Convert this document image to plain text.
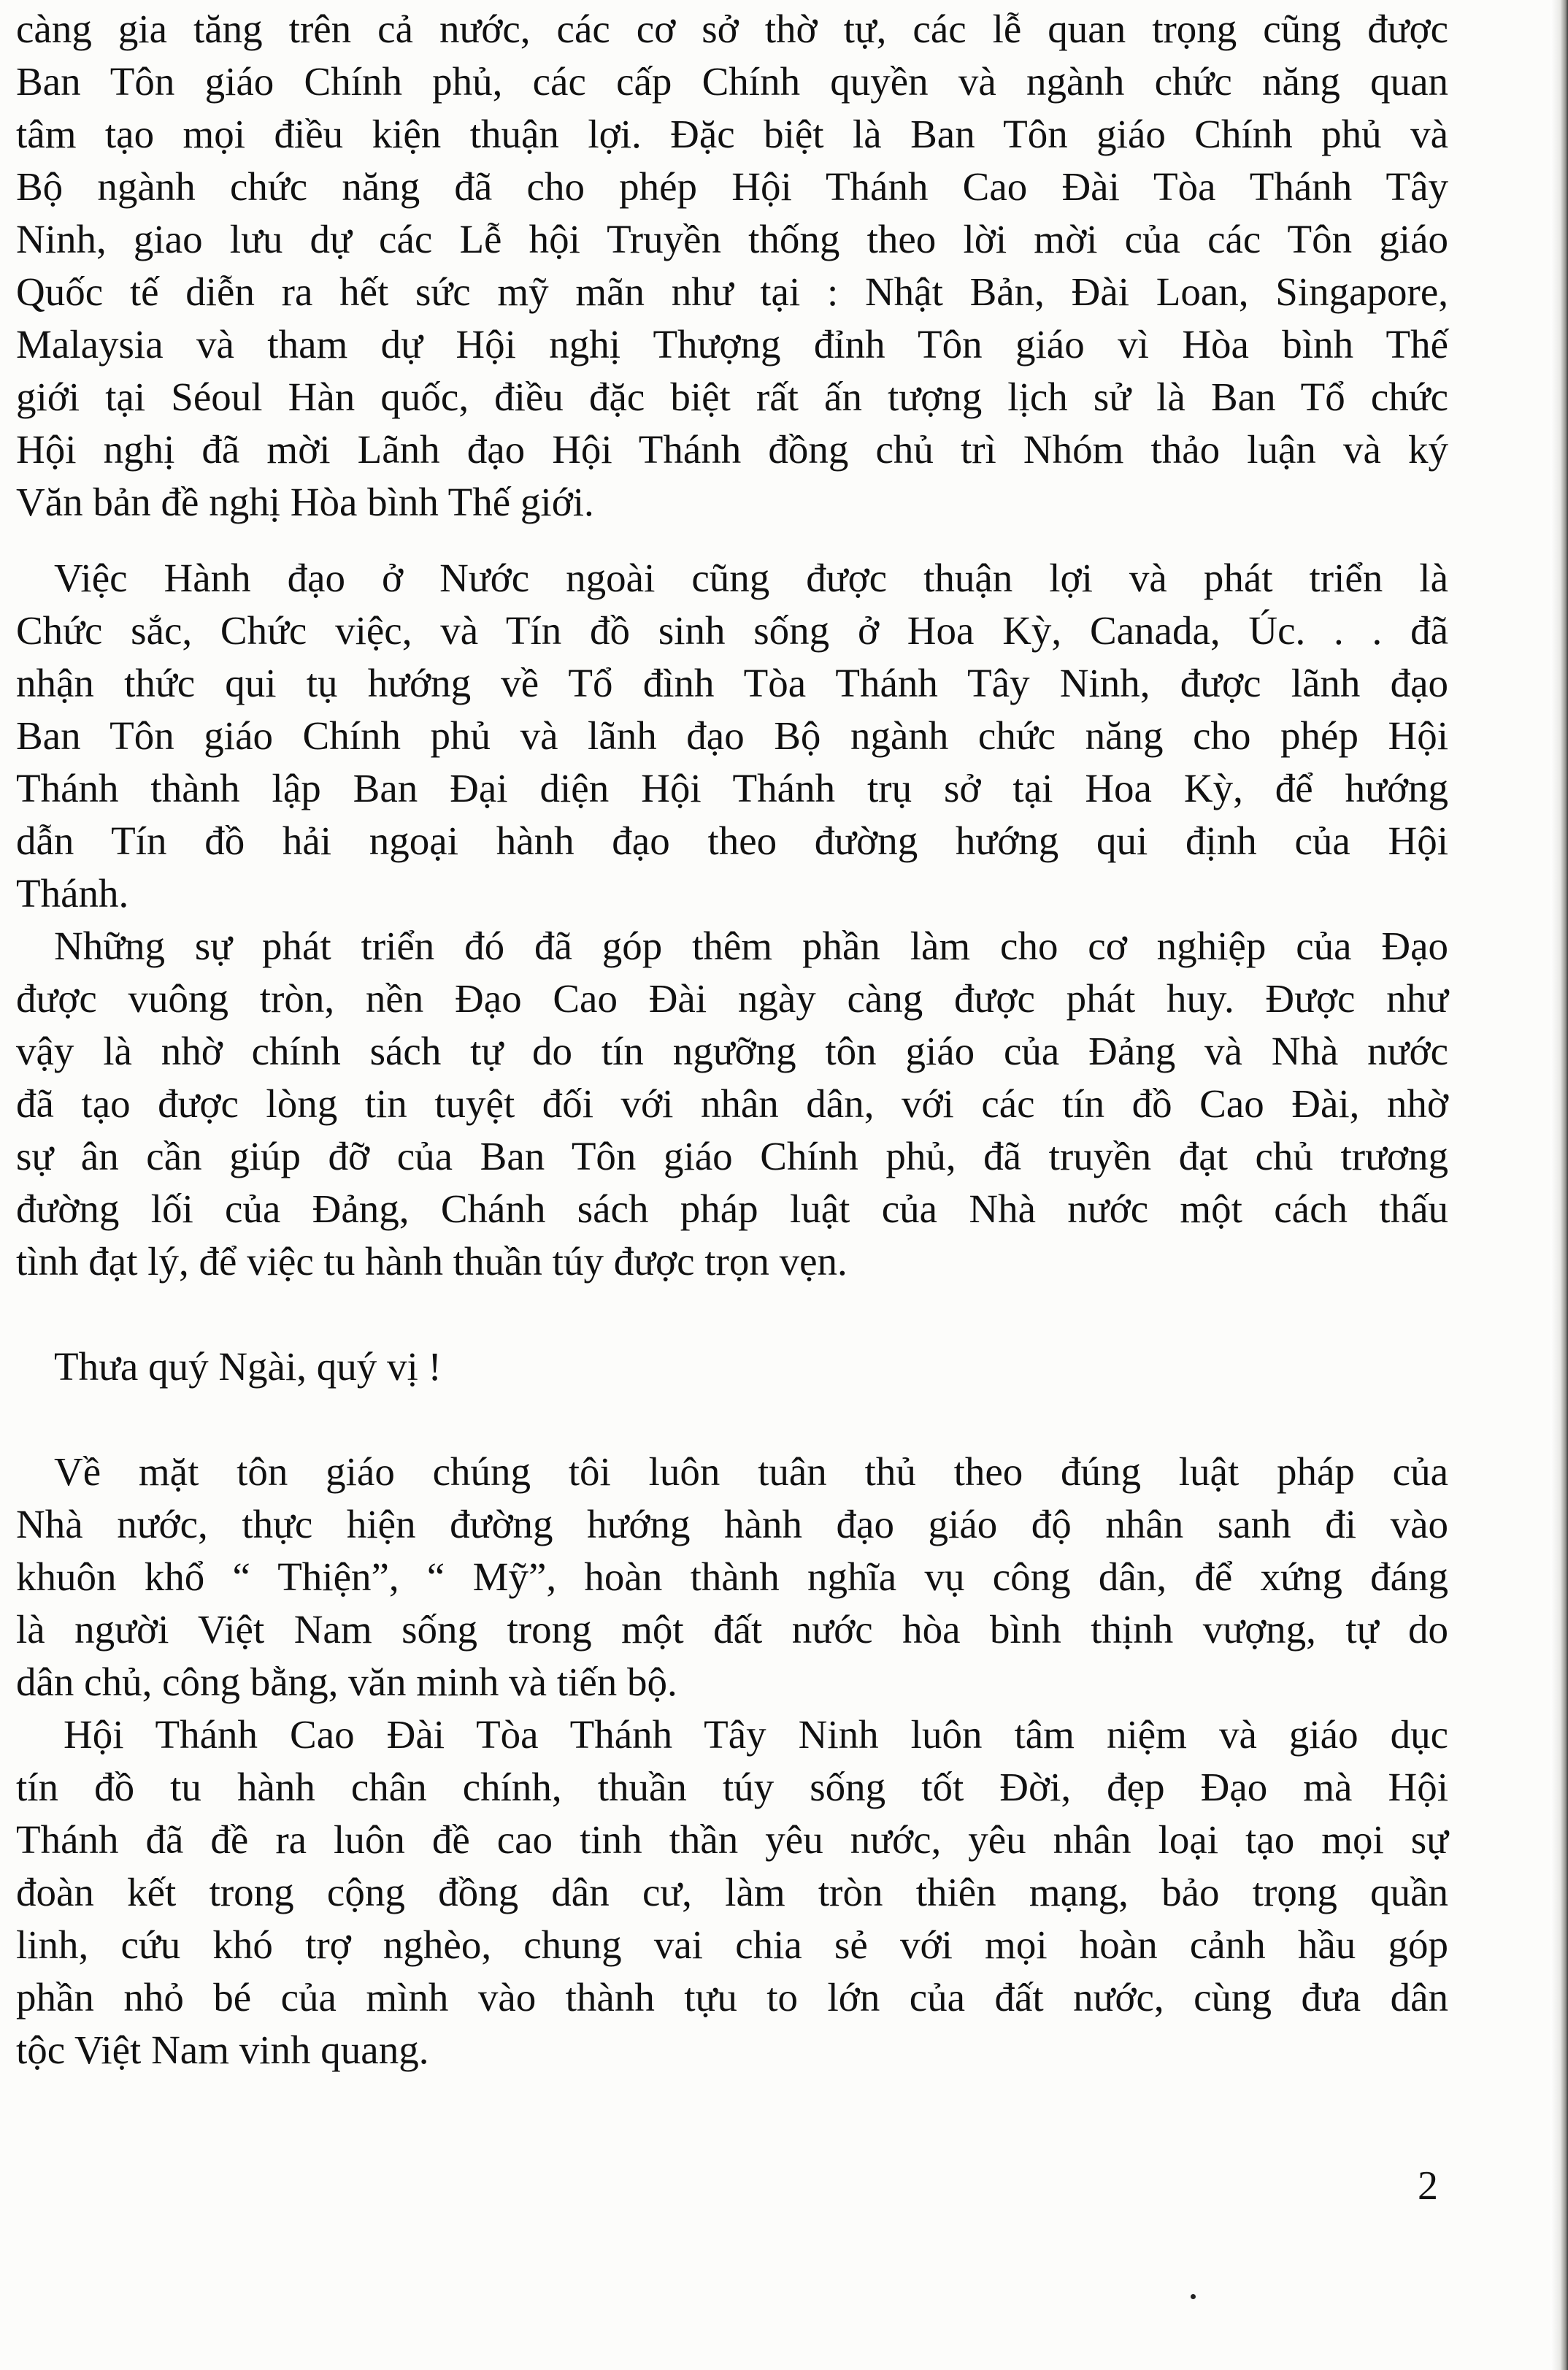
càng gia tăng trên cả nước, các cơ sở thờ tự, các lễ quan trọng cũng được
Ban Tôn giáo Chính phủ, các cấp Chính quyền và ngành chức năng quan
tâm tạo mọi điều kiện thuận lợi. Đặc biệt là Ban Tôn giáo Chính phủ và
Bộ ngành chức năng đã cho phép Hội Thánh Cao Đài Tòa Thánh Tây
Ninh, giao lưu dự các Lễ hội Truyền thống theo lời mời của các Tôn giáo
Quốc tế diễn ra hết sức mỹ mãn như tại : Nhật Bản, Đài Loan, Singapore,
Malaysia và tham dự Hội nghị Thượng đỉnh Tôn giáo vì Hòa bình Thế
giới tại Séoul Hàn quốc, điều đặc biệt rất ấn tượng lịch sử là Ban Tổ chức
Hội nghị đã mời Lãnh đạo Hội Thánh đồng chủ trì Nhóm thảo luận và ký
Văn bản đề nghị Hòa bình Thế giới.
Việc Hành đạo ở Nước ngoài cũng được thuận lợi và phát triển là
Chức sắc, Chức việc, và Tín đồ sinh sống ở Hoa Kỳ, Canada, Úc. . . đã
nhận thức qui tụ hướng về Tổ đình Tòa Thánh Tây Ninh, được lãnh đạo
Ban Tôn giáo Chính phủ và lãnh đạo Bộ ngành chức năng cho phép Hội
Thánh thành lập Ban Đại diện Hội Thánh trụ sở tại Hoa Kỳ, để hướng
dẫn Tín đồ hải ngoại hành đạo theo đường hướng qui định của Hội
Thánh.
Những sự phát triển đó đã góp thêm phần làm cho cơ nghiệp của Đạo
được vuông tròn, nền Đạo Cao Đài ngày càng được phát huy. Được như
vậy là nhờ chính sách tự do tín ngưỡng tôn giáo của Đảng và Nhà nước
đã tạo được lòng tin tuyệt đối với nhân dân, với các tín đồ Cao Đài, nhờ
sự ân cần giúp đỡ của Ban Tôn giáo Chính phủ, đã truyền đạt chủ trương
đường lối của Đảng, Chánh sách pháp luật của Nhà nước một cách thấu
tình đạt lý, để việc tu hành thuần túy được trọn vẹn.
Thưa quý Ngài, quý vị !
Về mặt tôn giáo chúng tôi luôn tuân thủ theo đúng luật pháp của
Nhà nước, thực hiện đường hướng hành đạo giáo độ nhân sanh đi vào
khuôn khổ “ Thiện”, “ Mỹ”, hoàn thành nghĩa vụ công dân, để xứng đáng
là người Việt Nam sống trong một đất nước hòa bình thịnh vượng, tự do
dân chủ, công bằng, văn minh và tiến bộ.
Hội Thánh Cao Đài Tòa Thánh Tây Ninh luôn tâm niệm và giáo dục
tín đồ tu hành chân chính, thuần túy sống tốt Đời, đẹp Đạo mà Hội
Thánh đã đề ra luôn đề cao tinh thần yêu nước, yêu nhân loại tạo mọi sự
đoàn kết trong cộng đồng dân cư, làm tròn thiên mạng, bảo trọng quần
linh, cứu khó trợ nghèo, chung vai chia sẻ với mọi hoàn cảnh hầu góp
phần nhỏ bé của mình vào thành tựu to lớn của đất nước, cùng đưa dân
tộc Việt Nam vinh quang.
2
